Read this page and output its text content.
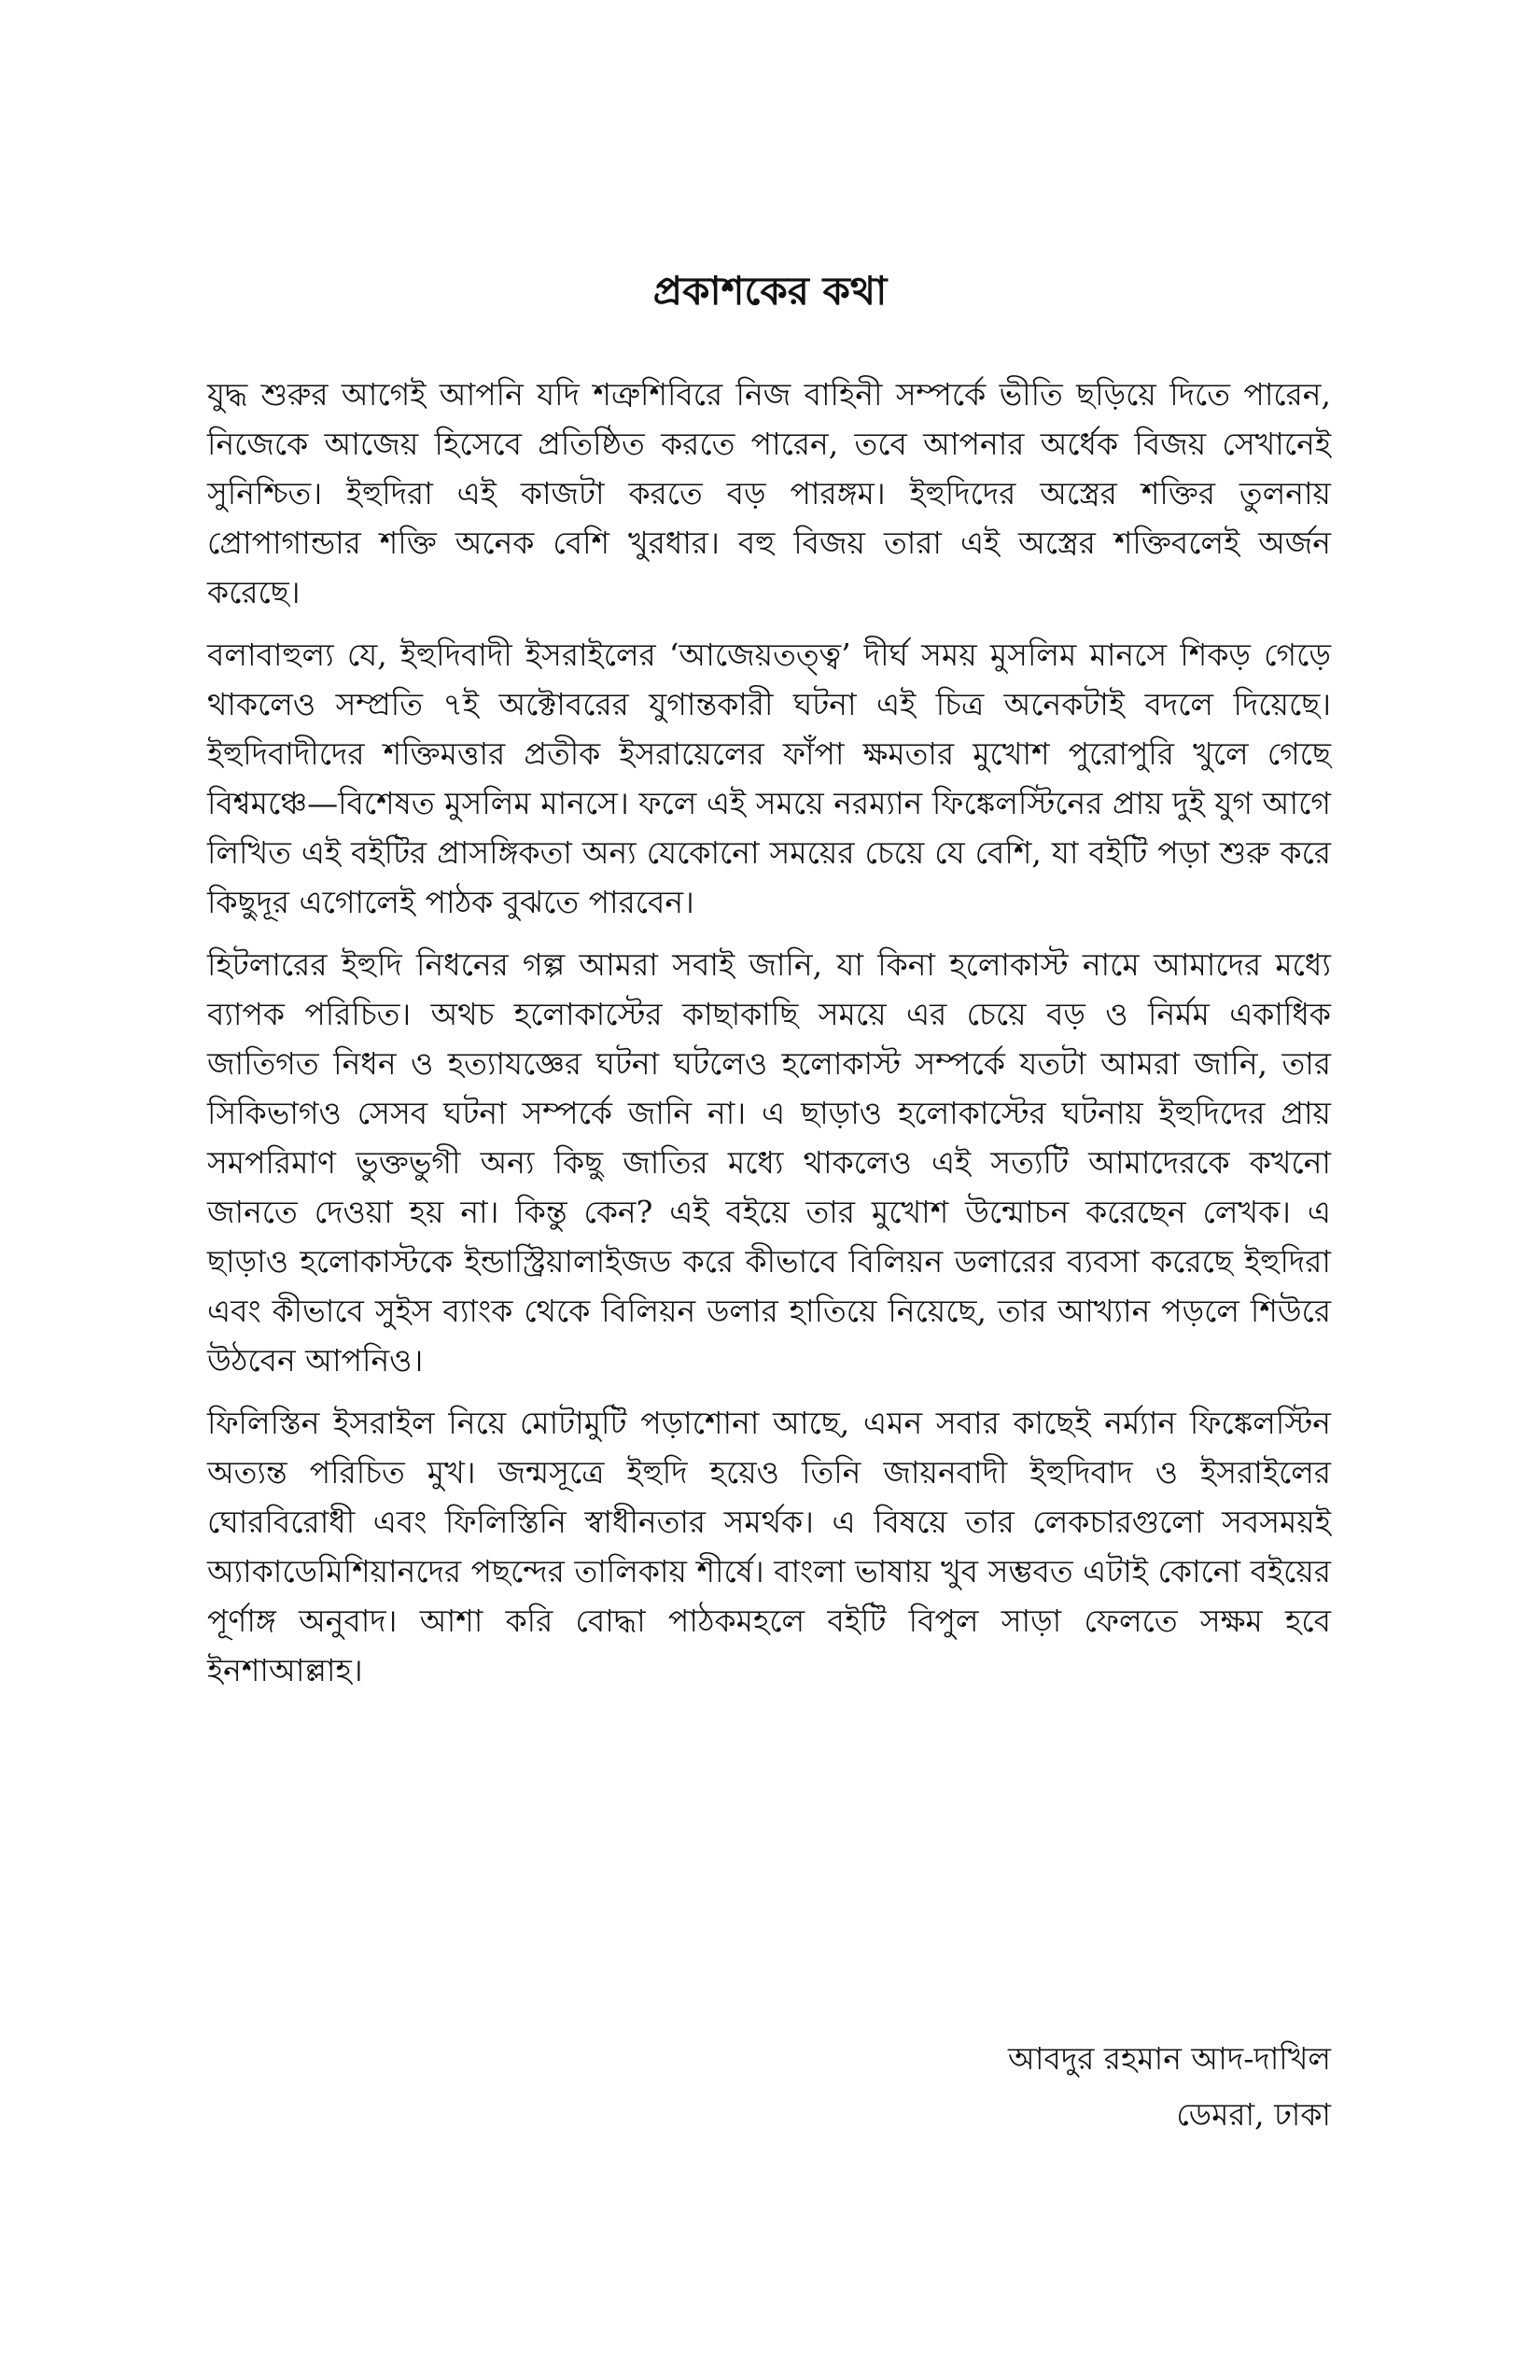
প্রকাশকের কথা

যুদ্ধ শুরুর আগেই আপনি যদি শত্রুশিবিরে নিজ বাহিনী সম্পর্কে ভীতি ছড়িয়ে দিতে পারেন, নিজেকে আজেয় হিসেবে প্রতিষ্ঠিত করতে পারেন, তবে আপনার অর্ধেক বিজয় সেখানেই সুনিশ্চিত। ইহুদিরা এই কাজটা করতে বড় পারঙ্গম। ইহুদিদের অস্ত্রের শক্তির তুলনায় প্রোপাগান্ডার শক্তি অনেক বেশি খুরধার। বহু বিজয় তারা এই অস্ত্রের শক্তিবলেই অর্জন করেছে।

বলাবাহুল্য যে, ইহুদিবাদী ইসরাইলের ‘আজেয়তত্ত্ব’ দীর্ঘ সময় মুসলিম মানসে শিকড় গেড়ে থাকলেও সম্প্রতি ৭ই অক্টোবরের যুগান্তকারী ঘটনা এই চিত্র অনেকটাই বদলে দিয়েছে। ইহুদিবাদীদের শক্তিমত্তার প্রতীক ইসরায়েলের ফাঁপা ক্ষমতার মুখোশ পুরোপুরি খুলে গেছে বিশ্বমঞ্চে—বিশেষত মুসলিম মানসে। ফলে এই সময়ে নরম্যান ফিঙ্কেলস্টিনের প্রায় দুই যুগ আগে লিখিত এই বইটির প্রাসঙ্গিকতা অন্য যেকোনো সময়ের চেয়ে যে বেশি, যা বইটি পড়া শুরু করে কিছুদূর এগোলেই পাঠক বুঝতে পারবেন।

হিটলারের ইহুদি নিধনের গল্প আমরা সবাই জানি, যা কিনা হলোকাস্ট নামে আমাদের মধ্যে ব্যাপক পরিচিত। অথচ হলোকাস্টের কাছাকাছি সময়ে এর চেয়ে বড় ও নির্মম একাধিক জাতিগত নিধন ও হত্যাযজ্ঞের ঘটনা ঘটলেও হলোকাস্ট সম্পর্কে যতটা আমরা জানি, তার সিকিভাগও সেসব ঘটনা সম্পর্কে জানি না। এ ছাড়াও হলোকাস্টের ঘটনায় ইহুদিদের প্রায় সমপরিমাণ ভুক্তভুগী অন্য কিছু জাতির মধ্যে থাকলেও এই সত্যটি আমাদেরকে কখনো জানতে দেওয়া হয় না। কিন্তু কেন? এই বইয়ে তার মুখোশ উন্মোচন করেছেন লেখক। এ ছাড়াও হলোকাস্টকে ইন্ডাস্ট্রিয়ালাইজড করে কীভাবে বিলিয়ন ডলারের ব্যবসা করেছে ইহুদিরা এবং কীভাবে সুইস ব্যাংক থেকে বিলিয়ন ডলার হাতিয়ে নিয়েছে, তার আখ্যান পড়লে শিউরে উঠবেন আপনিও।

ফিলিস্তিন ইসরাইল নিয়ে মোটামুটি পড়াশোনা আছে, এমন সবার কাছেই নর্ম্যান ফিঙ্কেলস্টিন অত্যন্ত পরিচিত মুখ। জন্মসূত্রে ইহুদি হয়েও তিনি জায়নবাদী ইহুদিবাদ ও ইসরাইলের ঘোরবিরোধী এবং ফিলিস্তিনি স্বাধীনতার সমর্থক। এ বিষয়ে তার লেকচারগুলো সবসময়ই অ্যাকাডেমিশিয়ানদের পছন্দের তালিকায় শীর্ষে। বাংলা ভাষায় খুব সম্ভবত এটাই কোনো বইয়ের পূর্ণাঙ্গ অনুবাদ। আশা করি বোদ্ধা পাঠকমহলে বইটি বিপুল সাড়া ফেলতে সক্ষম হবে ইনশাআল্লাহ।

আবদুর রহমান আদ-দাখিল
ডেমরা, ঢাকা
